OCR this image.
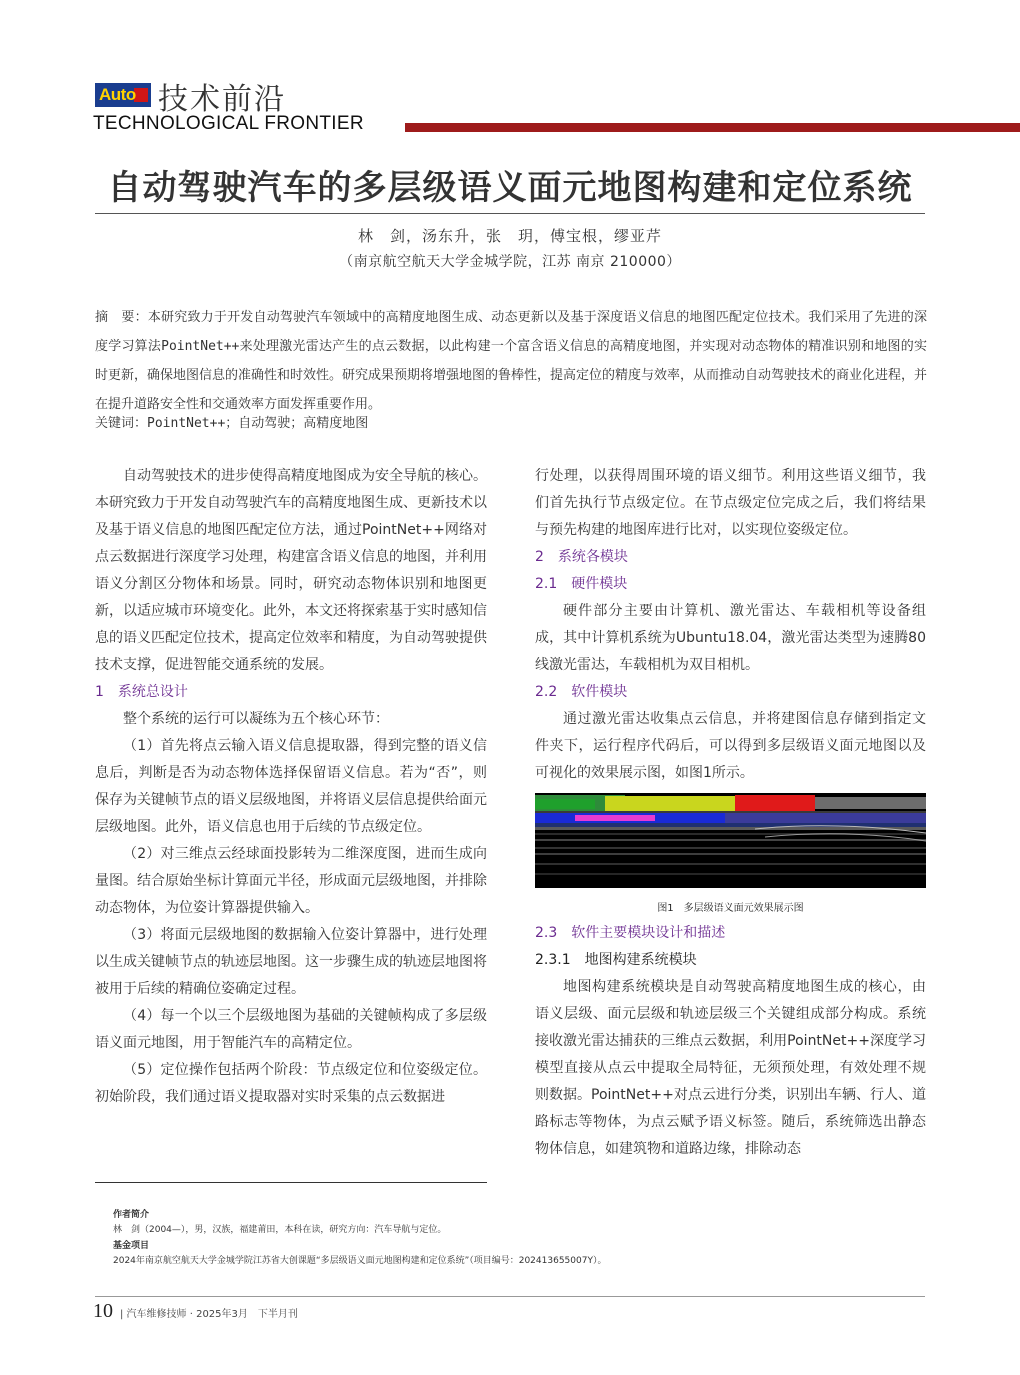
Auto 技术前沿
TECHNOLOGICAL FRONTIER
自动驾驶汽车的多层级语义面元地图构建和定位系统
林　剑，汤东升，张　玥，傅宝根，缪亚芹
（南京航空航天大学金城学院，江苏 南京 210000）
摘　要：本研究致力于开发自动驾驶汽车领域中的高精度地图生成、动态更新以及基于深度语义信息的地图匹配定位技术。我们采用了先进的深度学习算法PointNet++来处理激光雷达产生的点云数据，以此构建一个富含语义信息的高精度地图，并实现对动态物体的精准识别和地图的实时更新，确保地图信息的准确性和时效性。研究成果预期将增强地图的鲁棒性，提高定位的精度与效率，从而推动自动驾驶技术的商业化进程，并在提升道路安全性和交通效率方面发挥重要作用。
关键词：PointNet++；自动驾驶；高精度地图

自动驾驶技术的进步使得高精度地图成为安全导航的核心。本研究致力于开发自动驾驶汽车的高精度地图生成、更新技术以及基于语义信息的地图匹配定位方法，通过PointNet++网络对点云数据进行深度学习处理，构建富含语义信息的地图，并利用语义分割区分物体和场景。同时，研究动态物体识别和地图更新，以适应城市环境变化。此外，本文还将探索基于实时感知信息的语义匹配定位技术，提高定位效率和精度，为自动驾驶提供技术支撑，促进智能交通系统的发展。

1　系统总设计

整个系统的运行可以凝练为五个核心环节：

（1）首先将点云输入语义信息提取器，得到完整的语义信息后，判断是否为动态物体选择保留语义信息。若为“否”，则保存为关键帧节点的语义层级地图，并将语义层信息提供给面元层级地图。此外，语义信息也用于后续的节点级定位。

（2）对三维点云经球面投影转为二维深度图，进而生成向量图。结合原始坐标计算面元半径，形成面元层级地图，并排除动态物体，为位姿计算器提供输入。

（3）将面元层级地图的数据输入位姿计算器中，进行处理以生成关键帧节点的轨迹层地图。这一步骤生成的轨迹层地图将被用于后续的精确位姿确定过程。

（4）每一个以三个层级地图为基础的关键帧构成了多层级语义面元地图，用于智能汽车的高精定位。

（5）定位操作包括两个阶段：节点级定位和位姿级定位。初始阶段，我们通过语义提取器对实时采集的点云数据进

行处理，以获得周围环境的语义细节。利用这些语义细节，我们首先执行节点级定位。在节点级定位完成之后，我们将结果与预先构建的地图库进行比对，以实现位姿级定位。

2　系统各模块

2.1　硬件模块

硬件部分主要由计算机、激光雷达、车载相机等设备组成，其中计算机系统为Ubuntu18.04，激光雷达类型为速腾80线激光雷达，车载相机为双目相机。

2.2　软件模块

通过激光雷达收集点云信息，并将建图信息存储到指定文件夹下，运行程序代码后，可以得到多层级语义面元地图以及可视化的效果展示图，如图1所示。

图1　多层级语义面元效果展示图

2.3　软件主要模块设计和描述

2.3.1　地图构建系统模块

地图构建系统模块是自动驾驶高精度地图生成的核心，由语义层级、面元层级和轨迹层级三个关键组成部分构成。系统接收激光雷达捕获的三维点云数据，利用PointNet++深度学习模型直接从点云中提取全局特征，无须预处理，有效处理不规则数据。PointNet++对点云进行分类，识别出车辆、行人、道路标志等物体，为点云赋予语义标签。随后，系统筛选出静态物体信息，如建筑物和道路边缘，排除动态

作者简介
林　剑（2004—），男，汉族，福建莆田，本科在读，研究方向：汽车导航与定位。
基金项目
2024年南京航空航天大学金城学院江苏省大创课题“多层级语义面元地图构建和定位系统”（项目编号：202413655007Y）。
10 | 汽车维修技师 · 2025年3月　下半月刊
